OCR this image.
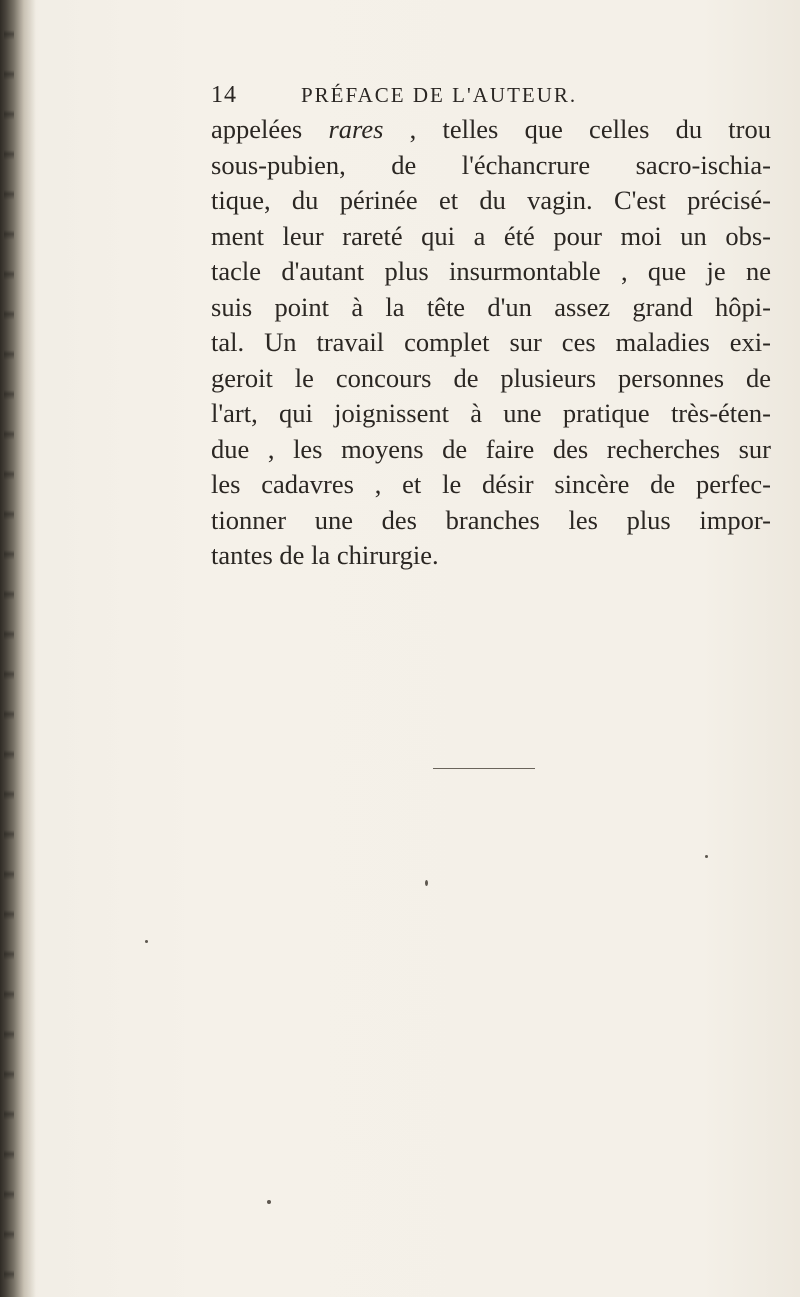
14	PRÉFACE DE L'AUTEUR.
appelées rares , telles que celles du trou
sous-pubien, de l'échancrure sacro-ischia-
tique, du périnée et du vagin. C'est précisé-
ment leur rareté qui a été pour moi un obs-
tacle d'autant plus insurmontable , que je ne
suis point à la tête d'un assez grand hôpi-
tal. Un travail complet sur ces maladies exi-
geroit le concours de plusieurs personnes de
l'art, qui joignissent à une pratique très-éten-
due , les moyens de faire des recherches sur
les cadavres , et le désir sincère de perfec-
tionner une des branches les plus impor-
tantes de la chirurgie.
